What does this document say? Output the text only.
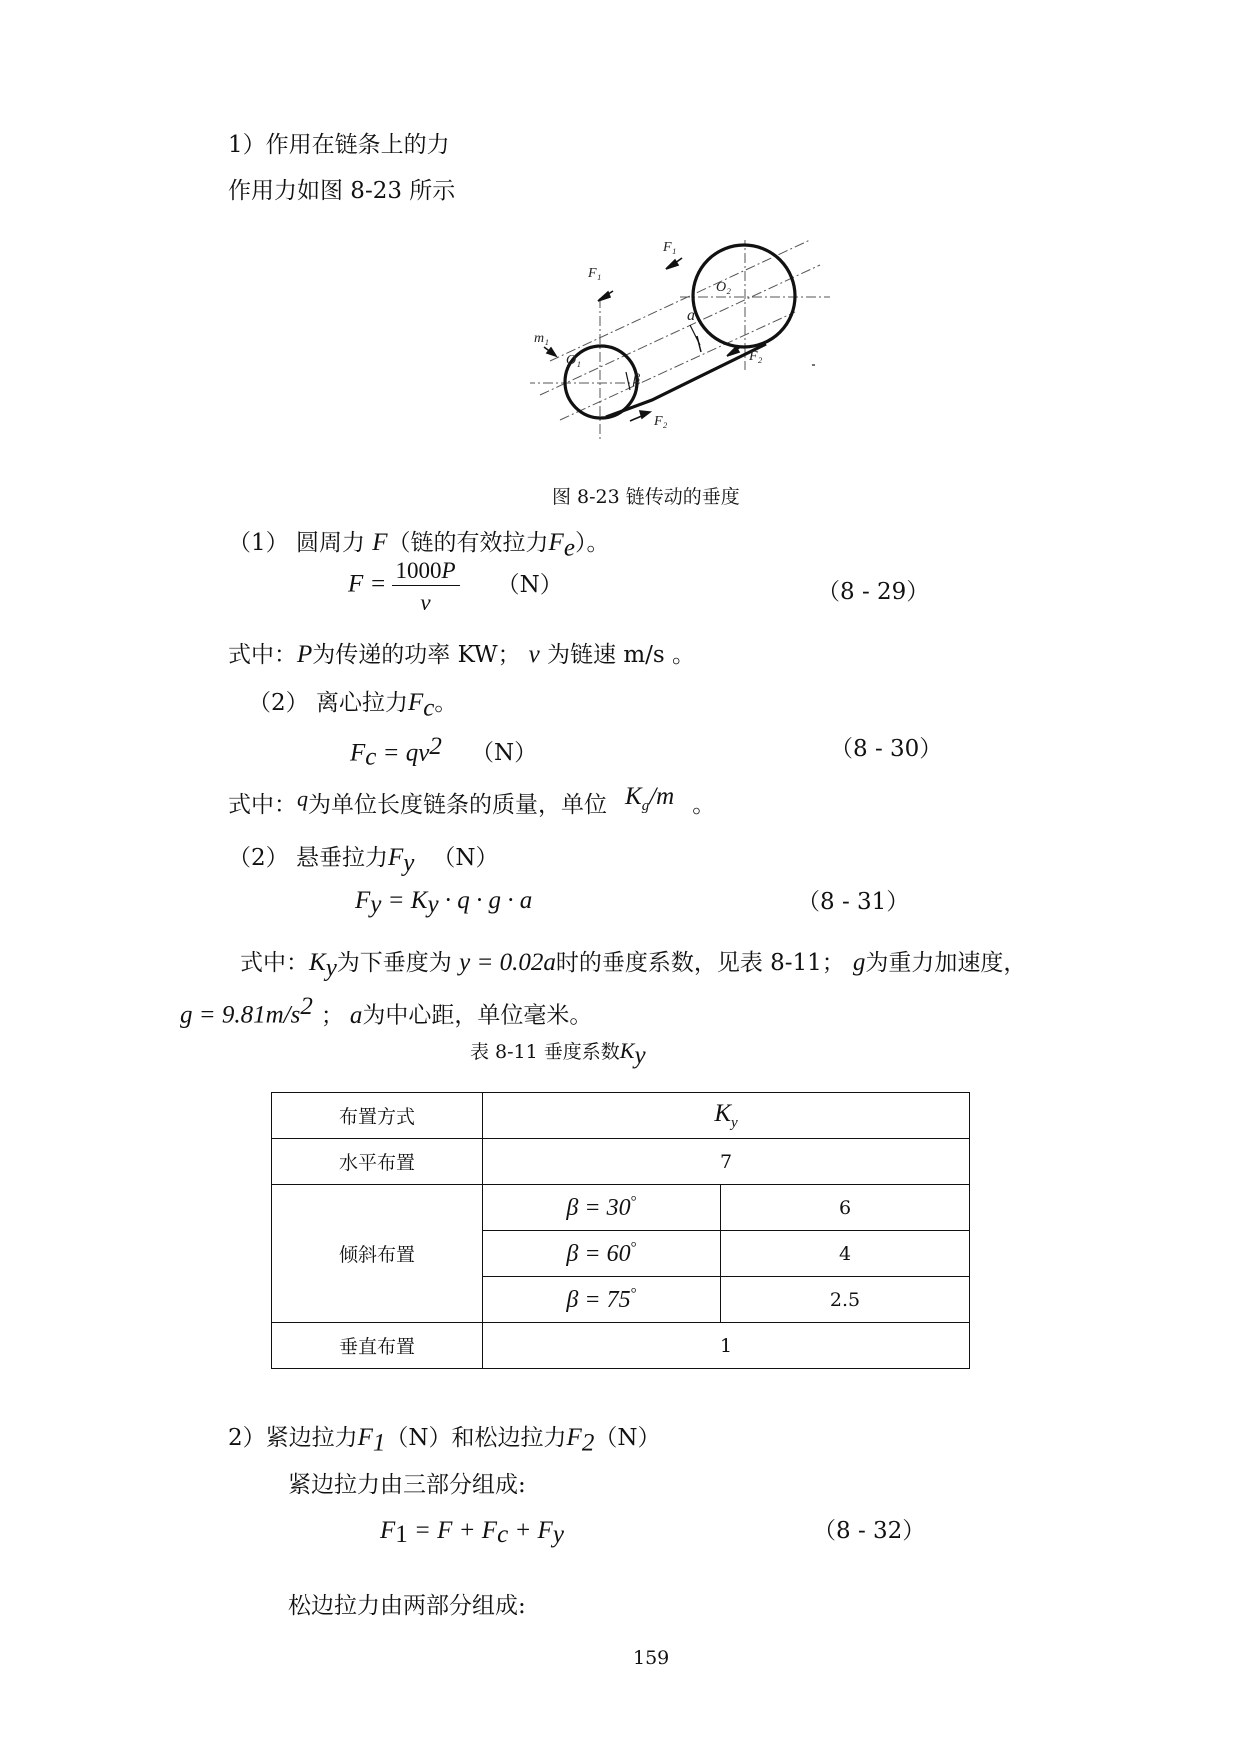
1）作用在链条上的力
作用力如图 8-23 所示
F₁
F₁
O₂
O₁
m₁
β
a
F₂
F₂
图 8-23 链传动的垂度
（1） 圆周力 F（链的有效拉力$F_e$）。
$F = \frac{1000P}{v} (N)$	（8 - 29）
式中：P为传递的功率 KW； v 为链速 m/s 。
（2） 离心拉力$F_c$。
$F_c = qv^2$ （N）	（8 - 30）
式中：q为单位长度链条的质量，单位 $K_g/m$ 。
（2） 悬垂拉力$F_y$ （N）
$F_y = K_y \cdot q \cdot g \cdot a$	（8 - 31）
式中：$K_y$为下垂度为 y = 0.02a时的垂度系数，见表 8-11； g为重力加速度，
$g = 9.81m/s^2$ ； a为中心距，单位毫米。
表 8-11 垂度系数$K_y$
布置方式	$K_y$
水平布置	7	
倾斜布置	β = 30°	6
	β = 60°	4
	β = 75°	2.5
垂直布置	1	
2）紧边拉力$F_1(N)$和松边拉力$F_2(N)$
紧边拉力由三部分组成:
$F_1 = F + F_c + F_y$	（8 - 32）
松边拉力由两部分组成:
159
